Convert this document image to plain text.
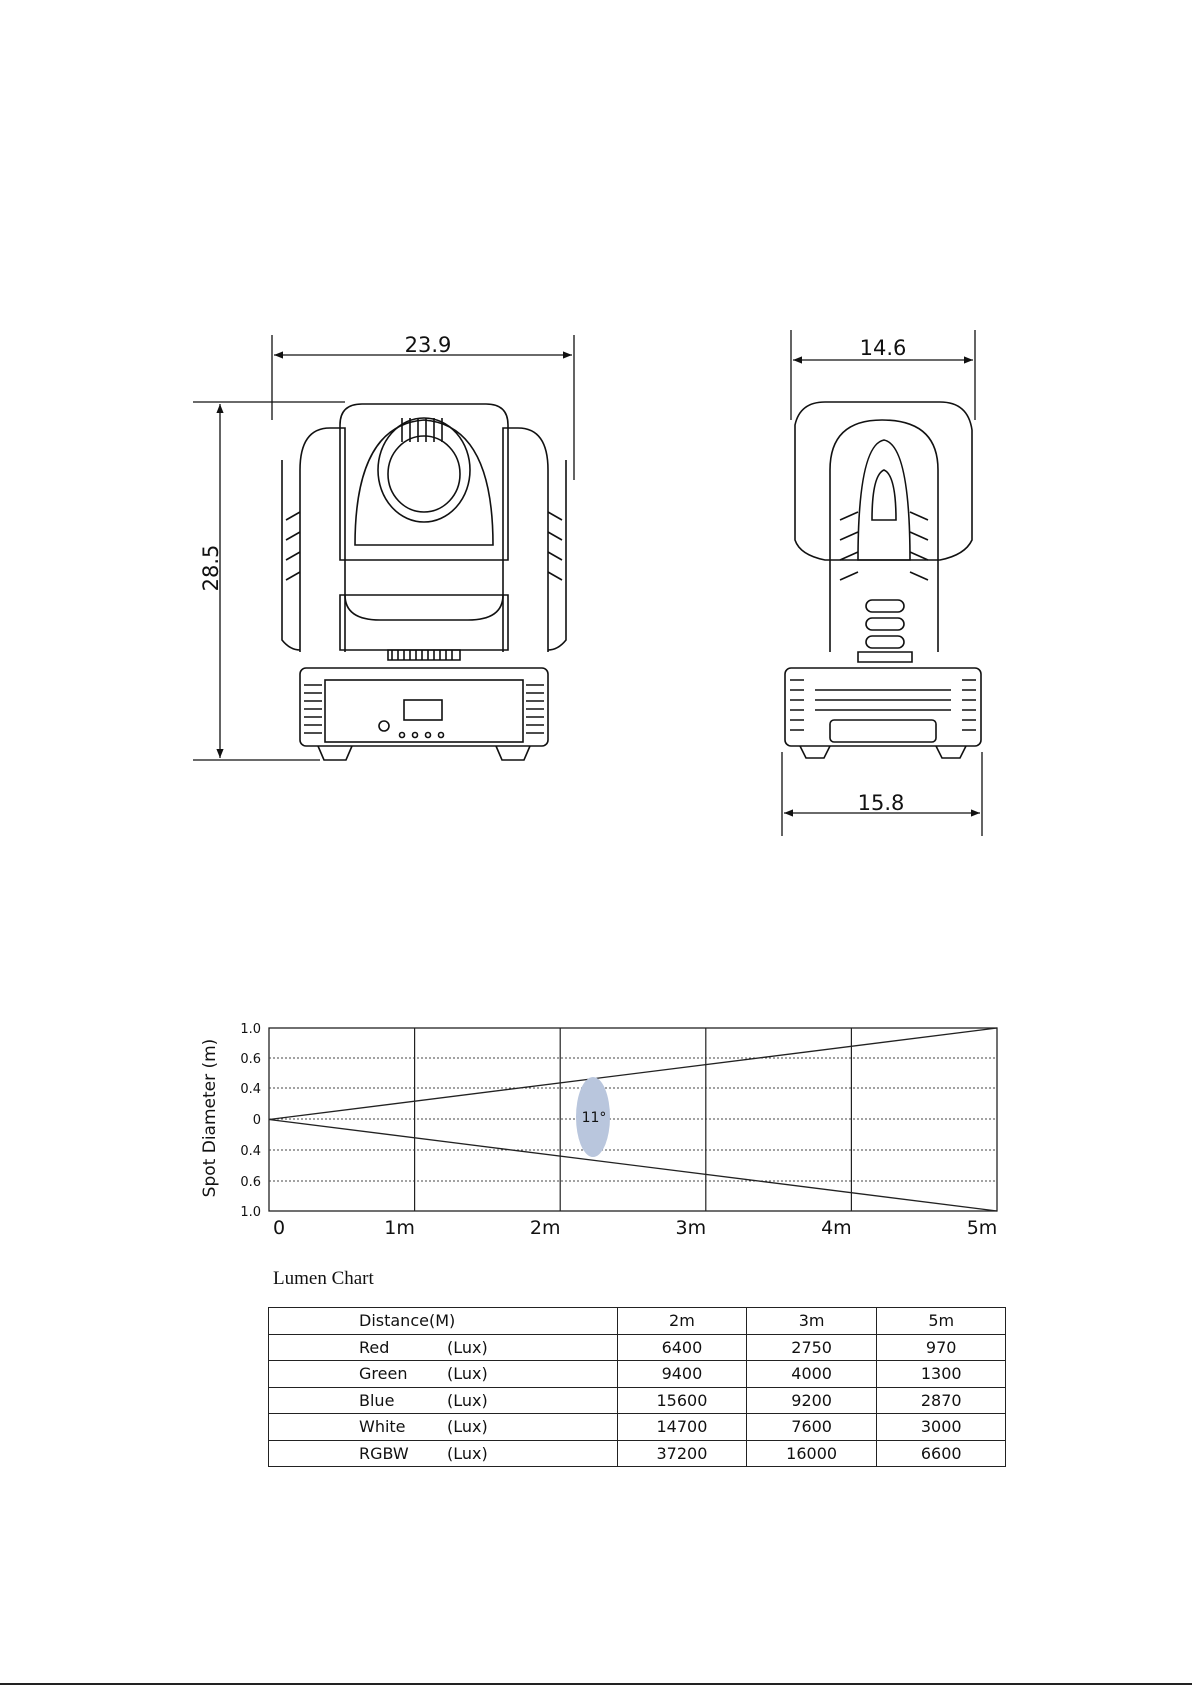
23.9
28.5
14.6
15.8
Spot Diameter (m)
1.0
0.6
0.4
0
0.4
0.6
1.0
0	1m	2m	3m	4m	5m
11°
Lumen Chart
Distance(M)	2m	3m	5m
Red (Lux)	6400	2750	970
Green (Lux)	9400	4000	1300
Blue (Lux)	15600	9200	2870
White (Lux)	14700	7600	3000
RGBW (Lux)	37200	16000	6600
